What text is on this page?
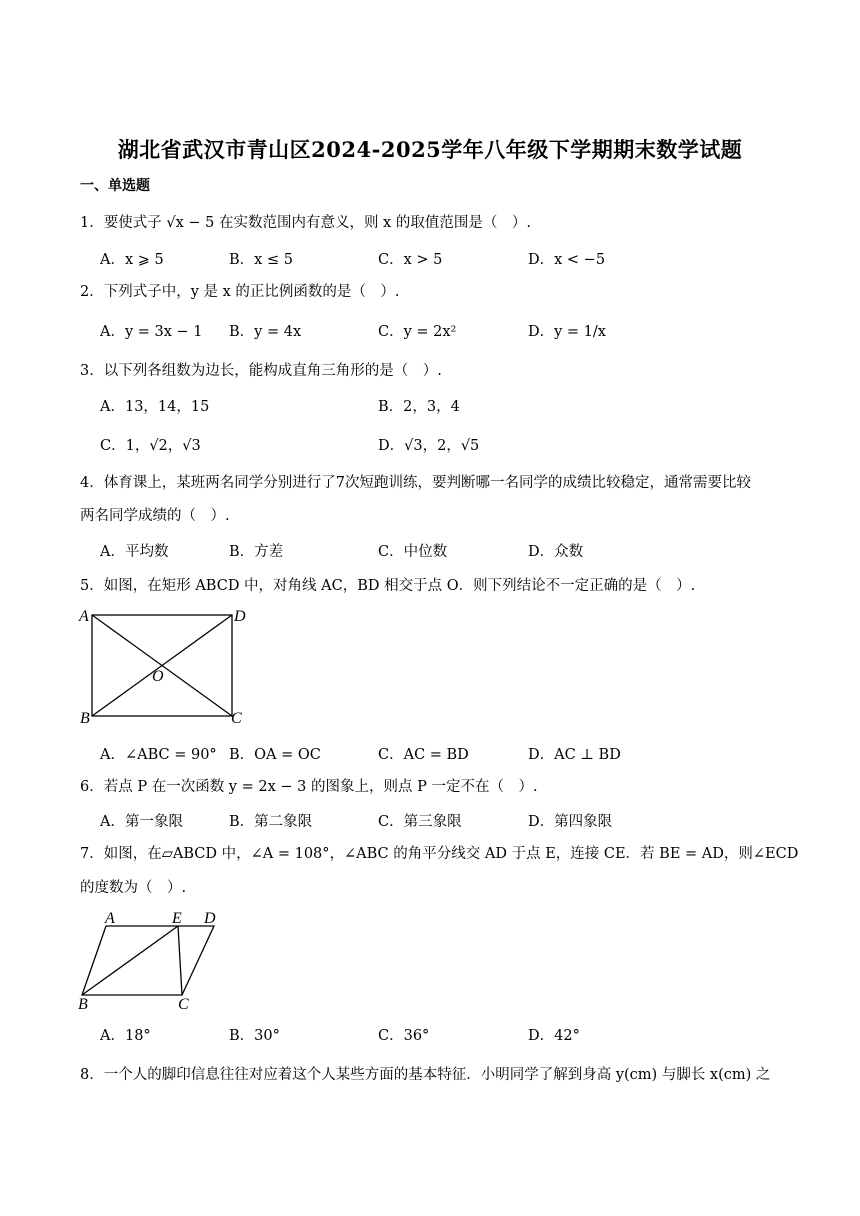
湖北省武汉市青山区2024-2025学年八年级下学期期末数学试题
一、单选题
1．要使式子 √x − 5 在实数范围内有意义，则 x 的取值范围是（　）.
A．x ⩾ 5	B．x ≤ 5	C．x > 5	D．x < −5
2．下列式子中，y 是 x 的正比例函数的是（　）.
A．y = 3x − 1 B．y = 4x	C．y = 2x²	D．y = 1/x
3．以下列各组数为边长，能构成直角三角形的是（　）.
A．13，14，15	B．2，3，4
C．1，√2，√3	D．√3，2，√5
4．体育课上，某班两名同学分别进行了7次短跑训练，要判断哪一名同学的成绩比较稳定，通常需要比较
两名同学成绩的（　）.
A．平均数	B．方差	C．中位数	D．众数
5．如图，在矩形 ABCD 中，对角线 AC，BD 相交于点 O．则下列结论不一定正确的是（　）.
A	D
O
B	C
A．∠ABC = 90° B．OA = OC	C．AC = BD	D．AC ⊥ BD
6．若点 P 在一次函数 y = 2x − 3 的图象上，则点 P 一定不在（　）.
A．第一象限	B．第二象限	C．第三象限	D．第四象限
7．如图，在▱ABCD 中，∠A = 108°，∠ABC 的角平分线交 AD 于点 E，连接 CE．若 BE = AD，则∠ECD
的度数为（　）.
A	E D
B	C
A．18°	B．30°	C．36°	D．42°
8．一个人的脚印信息往往对应着这个人某些方面的基本特征．小明同学了解到身高 y(cm) 与脚长 x(cm) 之
